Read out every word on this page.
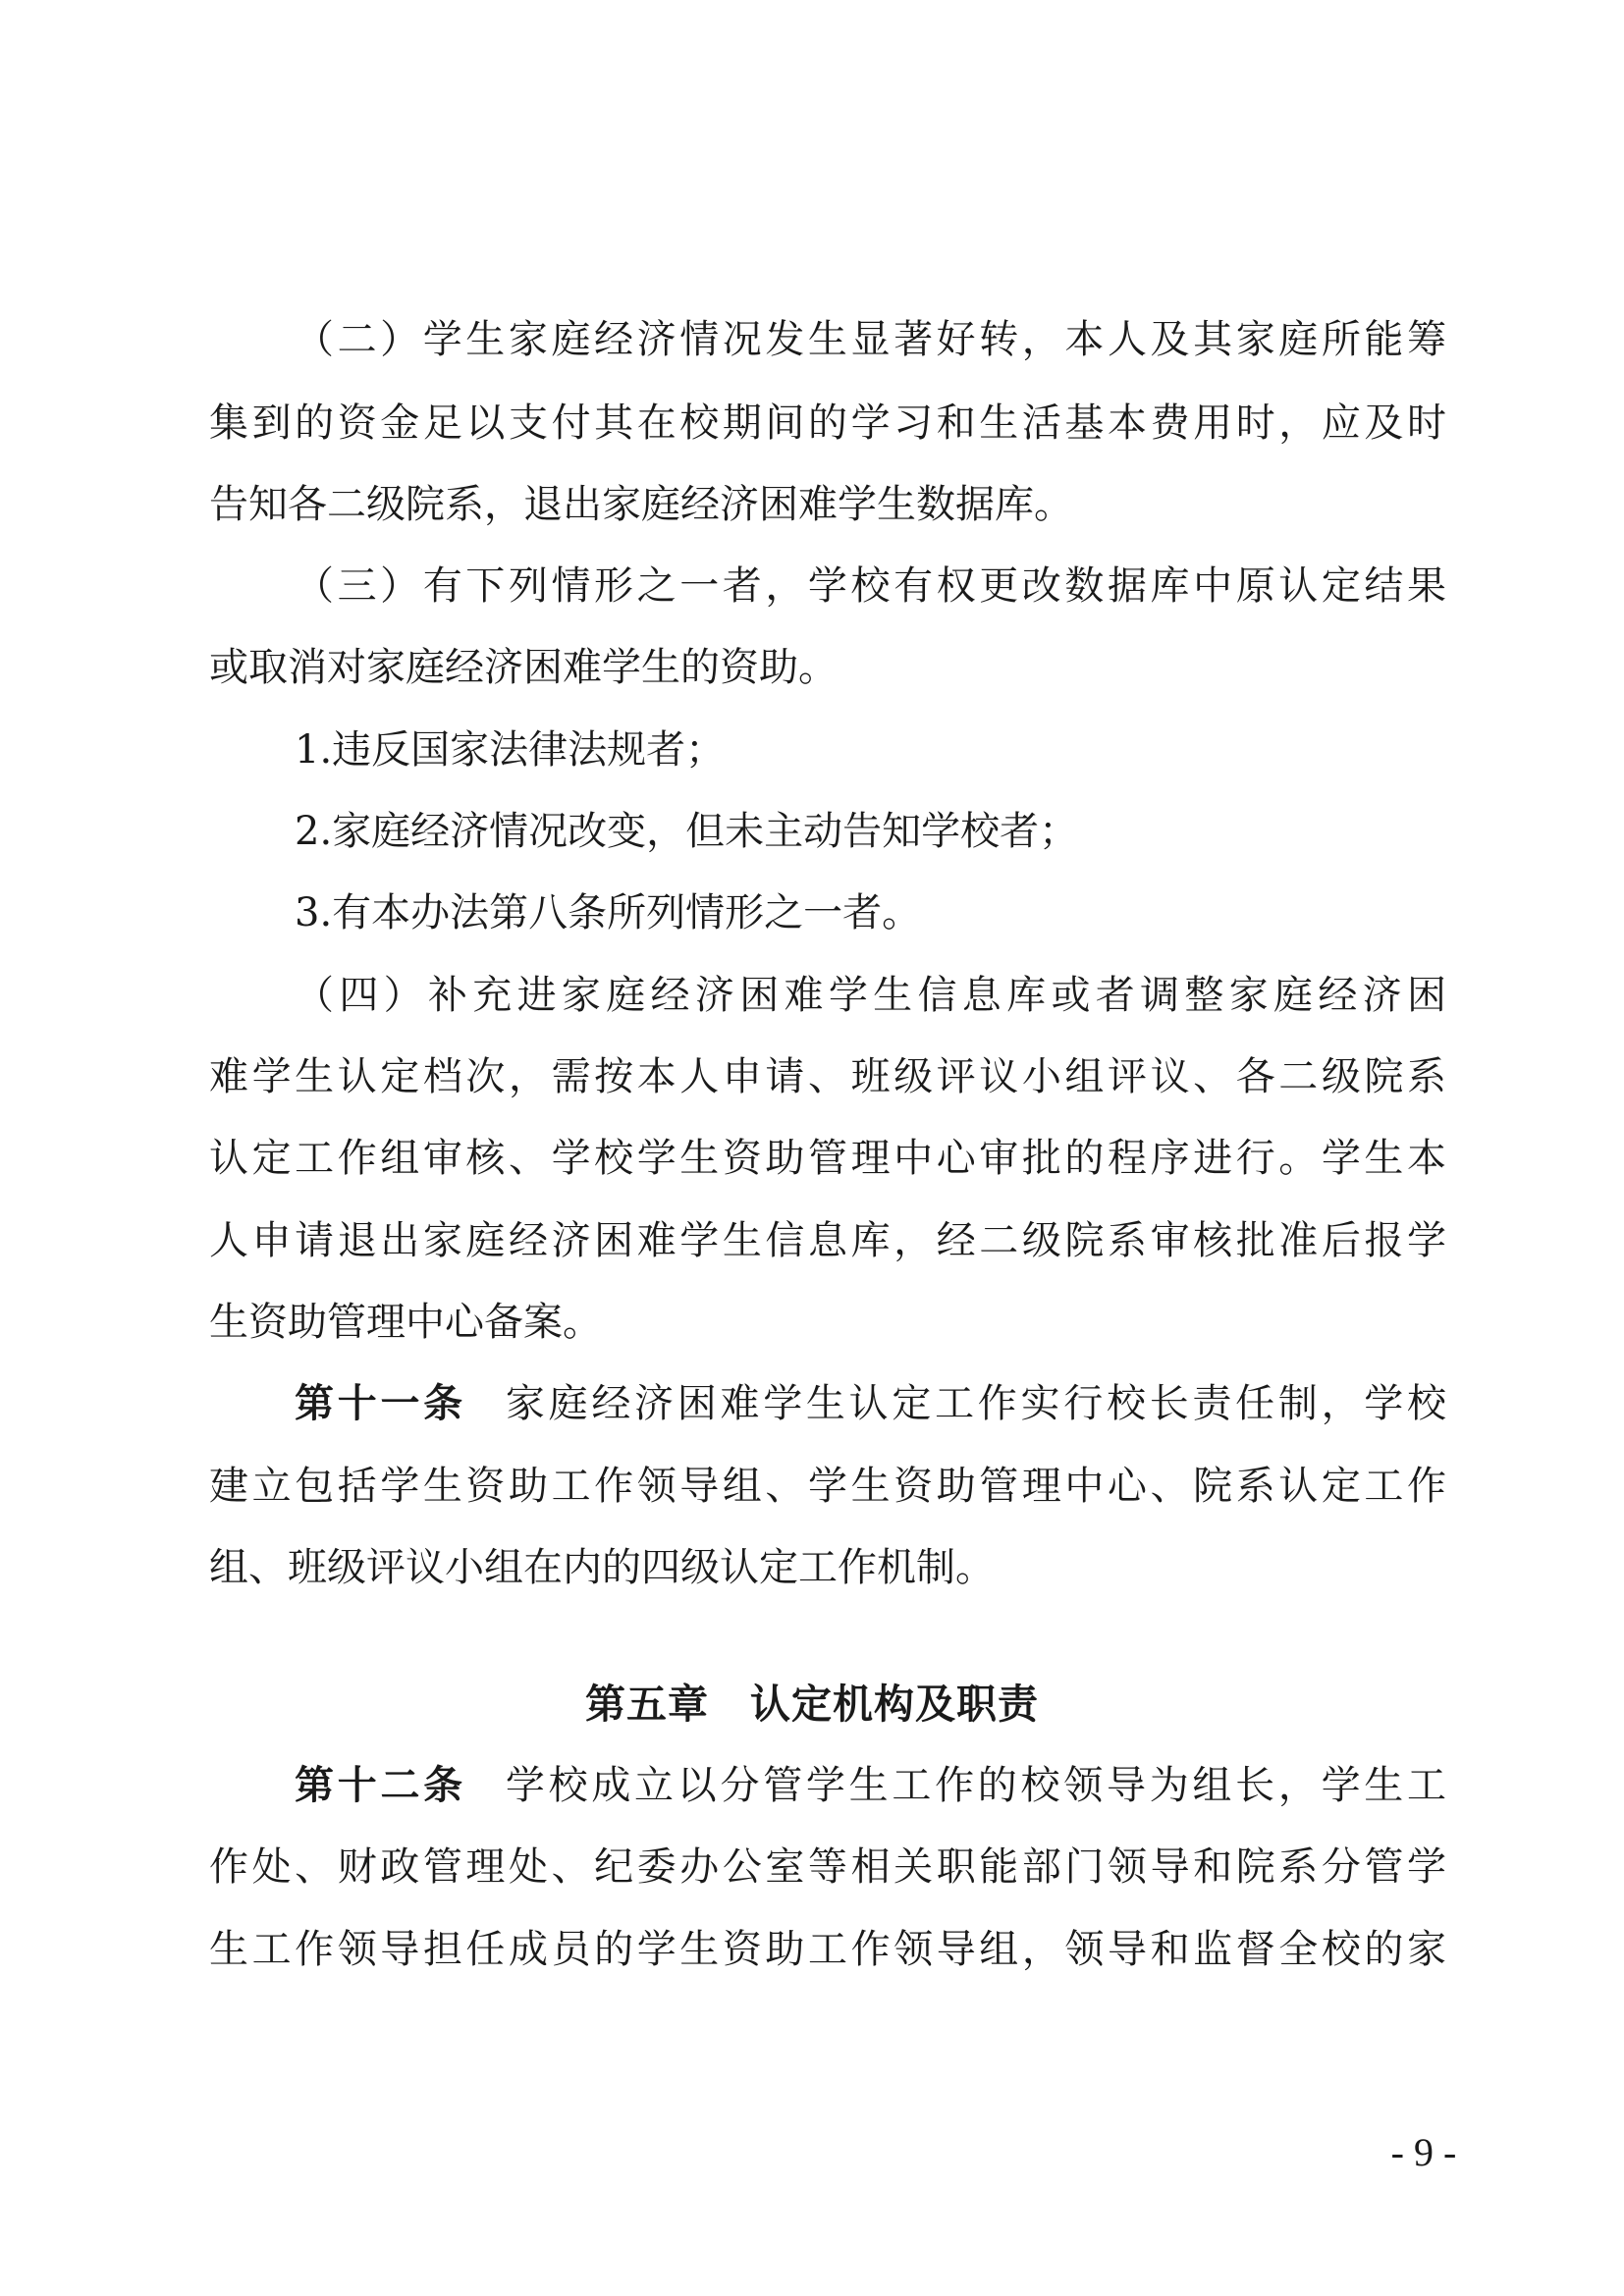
（二）学生家庭经济情况发生显著好转，本人及其家庭所能筹
集到的资金足以支付其在校期间的学习和生活基本费用时，应及时
告知各二级院系，退出家庭经济困难学生数据库。
（三）有下列情形之一者，学校有权更改数据库中原认定结果
或取消对家庭经济困难学生的资助。
1.违反国家法律法规者；
2.家庭经济情况改变，但未主动告知学校者；
3.有本办法第八条所列情形之一者。
（四）补充进家庭经济困难学生信息库或者调整家庭经济困
难学生认定档次，需按本人申请、班级评议小组评议、各二级院系
认定工作组审核、学校学生资助管理中心审批的程序进行。学生本
人申请退出家庭经济困难学生信息库，经二级院系审核批准后报学
生资助管理中心备案。
第十一条 家庭经济困难学生认定工作实行校长责任制，学校
建立包括学生资助工作领导组、学生资助管理中心、院系认定工作
组、班级评议小组在内的四级认定工作机制。
第五章　认定机构及职责
第十二条 学校成立以分管学生工作的校领导为组长，学生工
作处、财政管理处、纪委办公室等相关职能部门领导和院系分管学
生工作领导担任成员的学生资助工作领导组，领导和监督全校的家
- 9 -
